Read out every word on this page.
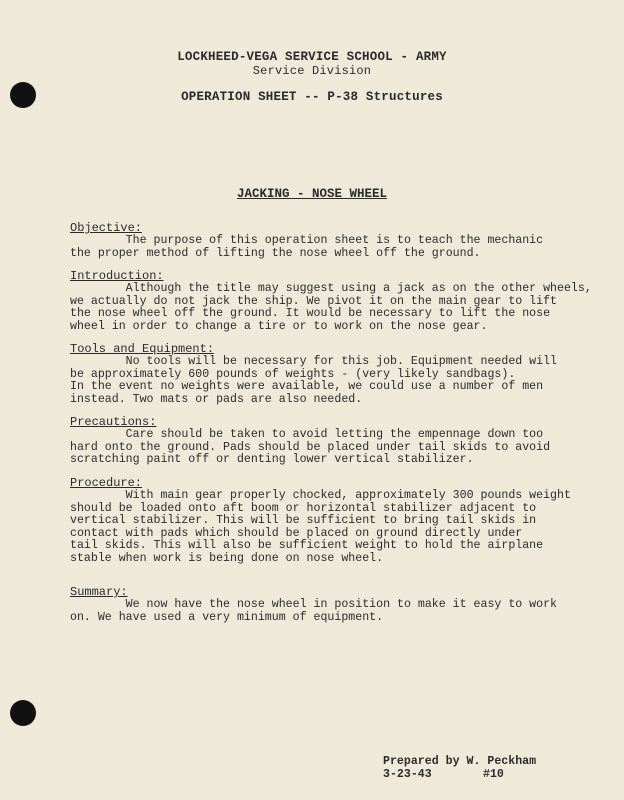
LOCKHEED-VEGA SERVICE SCHOOL - ARMY
Service Division
OPERATION SHEET -- P-38 Structures
JACKING - NOSE WHEEL
Objective:
The purpose of this operation sheet is to teach the mechanic
the proper method of lifting the nose wheel off the ground.
Introduction:
Although the title may suggest using a jack as on the other wheels,
we actually do not jack the ship. We pivot it on the main gear to lift
the nose wheel off the ground. It would be necessary to lift the nose
wheel in order to change a tire or to work on the nose gear.
Tools and Equipment:
No tools will be necessary for this job. Equipment needed will
be approximately 600 pounds of weights - (very likely sandbags).
In the event no weights were available, we could use a number of men
instead. Two mats or pads are also needed.
Precautions:
Care should be taken to avoid letting the empennage down too
hard onto the ground. Pads should be placed under tail skids to avoid
scratching paint off or denting lower vertical stabilizer.
Procedure:
With main gear properly chocked, approximately 300 pounds weight
should be loaded onto aft boom or horizontal stabilizer adjacent to
vertical stabilizer. This will be sufficient to bring tail skids in
contact with pads which should be placed on ground directly under
tail skids. This will also be sufficient weight to hold the airplane
stable when work is being done on nose wheel.
Summary:
We now have the nose wheel in position to make it easy to work
on. We have used a very minimum of equipment.
Prepared by W. Peckham
3-23-43	#10
